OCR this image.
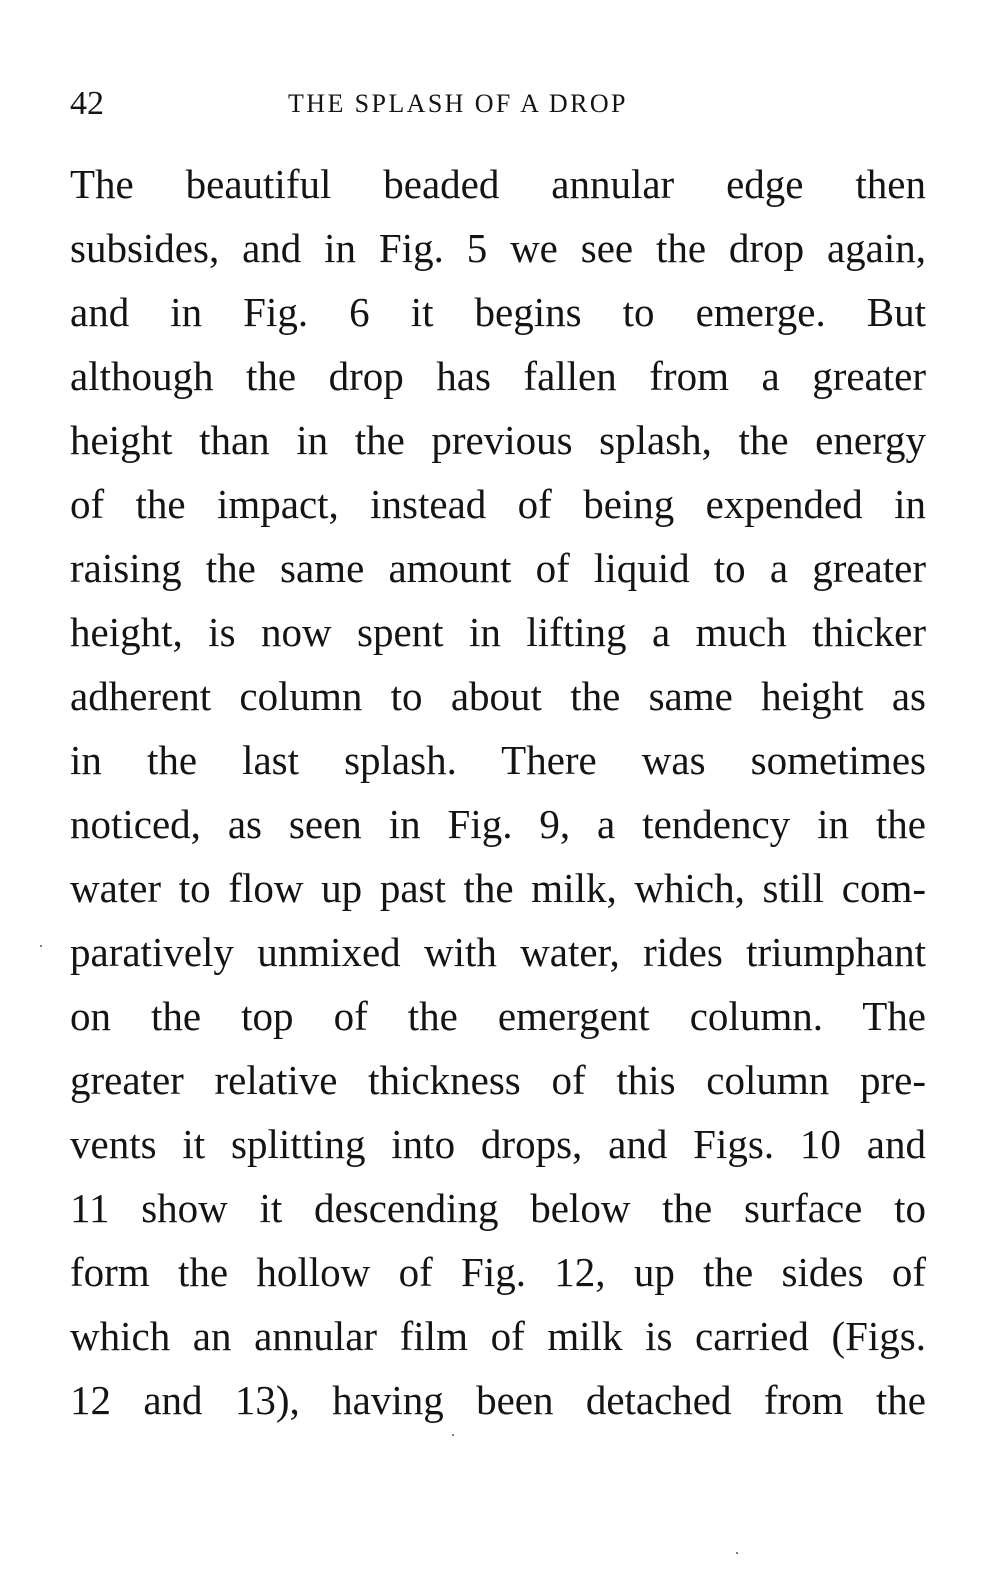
42	THE SPLASH OF A DROP
The beautiful beaded annular edge then
subsides, and in Fig. 5 we see the drop again,
and in Fig. 6 it begins to emerge. But
although the drop has fallen from a greater
height than in the previous splash, the energy
of the impact, instead of being expended in
raising the same amount of liquid to a greater
height, is now spent in lifting a much thicker
adherent column to about the same height as
in the last splash. There was sometimes
noticed, as seen in Fig. 9, a tendency in the
water to flow up past the milk, which, still com-
paratively unmixed with water, rides triumphant
on the top of the emergent column. The
greater relative thickness of this column pre-
vents it splitting into drops, and Figs. 10 and
11 show it descending below the surface to
form the hollow of Fig. 12, up the sides of
which an annular film of milk is carried (Figs.
12 and 13), having been detached from the
